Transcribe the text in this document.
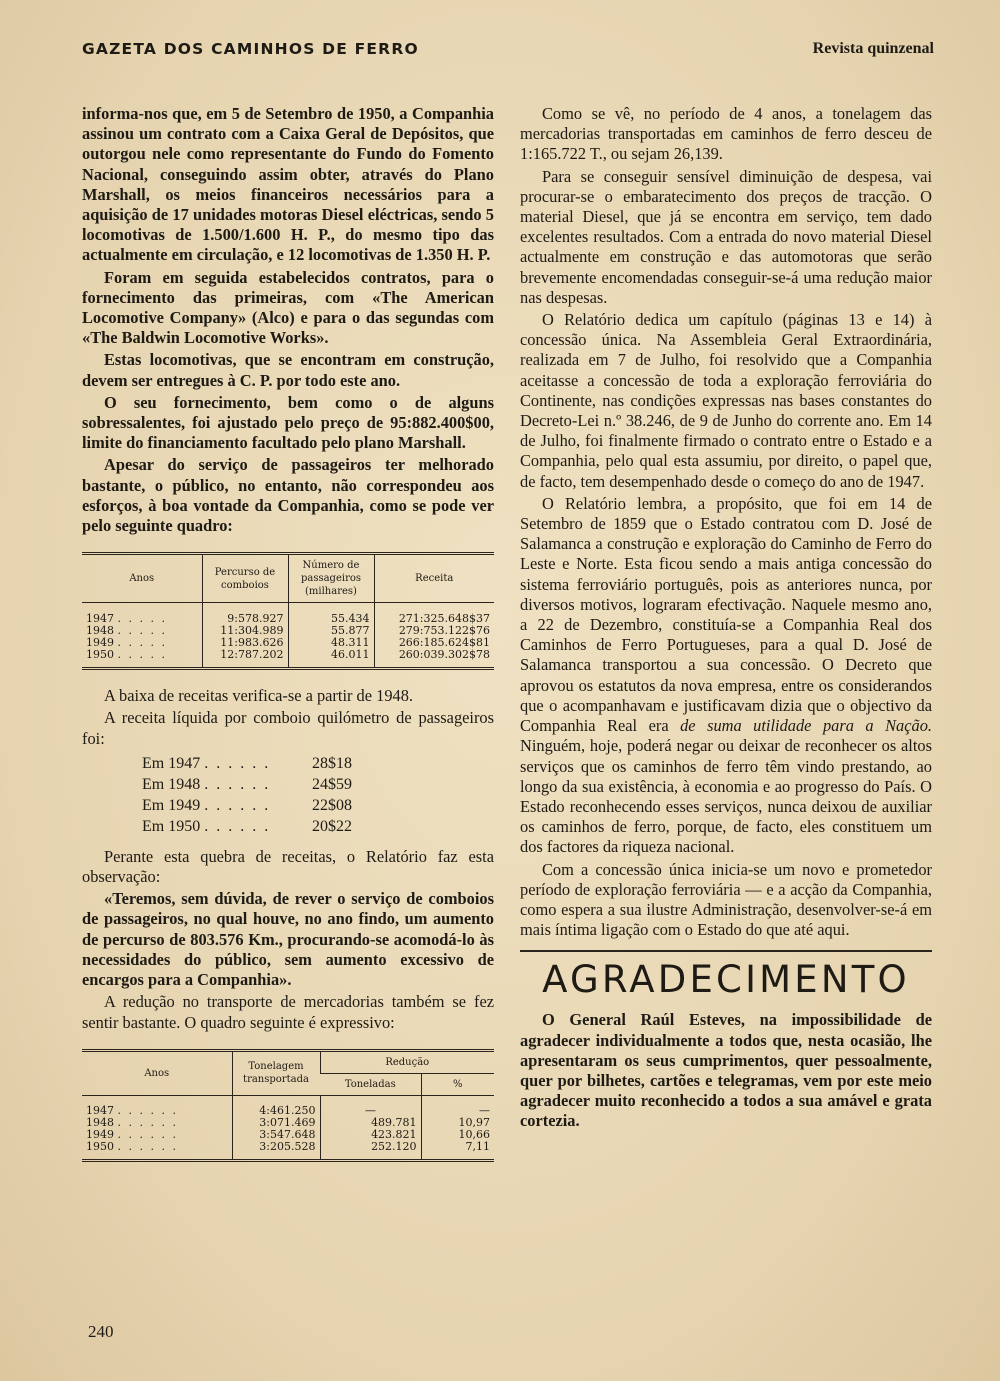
GAZETA DOS CAMINHOS DE FERRO	Revista quinzenal

informa-nos que, em 5 de Setembro de 1950, a Companhia assinou um contrato com a Caixa Geral de Depósitos, que outorgou nele como representante do Fundo do Fomento Nacional, conseguindo assim obter, através do Plano Marshall, os meios financeiros necessários para a aquisição de 17 unidades motoras Diesel eléctricas, sendo 5 locomotivas de 1.500/1.600 H. P., do mesmo tipo das actualmente em circulação, e 12 locomotivas de 1.350 H. P.

Foram em seguida estabelecidos contratos, para o fornecimento das primeiras, com «The American Locomotive Company» (Alco) e para o das segundas com «The Baldwin Locomotive Works».

Estas locomotivas, que se encontram em construção, devem ser entregues à C. P. por todo este ano.

O seu fornecimento, bem como o de alguns sobressalentes, foi ajustado pelo preço de 95:882.400$00, limite do financiamento facultado pelo plano Marshall.

Apesar do serviço de passageiros ter melhorado bastante, o público, no entanto, não correspondeu aos esforços, à boa vontade da Companhia, como se pode ver pelo seguinte quadro:

Anos	Percurso de comboios	Número de passageiros (milhares)	Receita

1947 . . . . .	9:578.927	55.434	271:325.648$37
1948 . . . . .	11:304.989	55.877	279:753.122$76
1949 . . . . .	11:983.626	48.311	266:185.624$81
1950 . . . . .	12:787.202	46.011	260:039.302$78

A baixa de receitas verifica-se a partir de 1948.

A receita líquida por comboio quilómetro de passageiros foi:

Em 1947 . . . . . .	28$18
Em 1948 . . . . . .	24$59
Em 1949 . . . . . .	22$08
Em 1950 . . . . . .	20$22

Perante esta quebra de receitas, o Relatório faz esta observação:

«Teremos, sem dúvida, de rever o serviço de comboios de passageiros, no qual houve, no ano findo, um aumento de percurso de 803.576 Km., procurando-se acomodá-lo às necessidades do público, sem aumento excessivo de encargos para a Companhia».

A redução no transporte de mercadorias também se fez sentir bastante. O quadro seguinte é expressivo:

Anos	Tonelagem transportada	Redução	
		Toneladas	%

1947 . . . . . .	4:461.250	—	—
1948 . . . . . .	3:071.469	489.781	10,97
1949 . . . . . .	3:547.648	423.821	10,66
1950 . . . . . .	3:205.528	252.120	7,11

Como se vê, no período de 4 anos, a tonelagem das mercadorias transportadas em caminhos de ferro desceu de 1:165.722 T., ou sejam 26,139.

Para se conseguir sensível diminuição de despesa, vai procurar-se o embaratecimento dos preços de tracção. O material Diesel, que já se encontra em serviço, tem dado excelentes resultados. Com a entrada do novo material Diesel actualmente em construção e das automotoras que serão brevemente encomendadas conseguir-se-á uma redução maior nas despesas.

O Relatório dedica um capítulo (páginas 13 e 14) à concessão única. Na Assembleia Geral Extraordinária, realizada em 7 de Julho, foi resolvido que a Companhia aceitasse a concessão de toda a exploração ferroviária do Continente, nas condições expressas nas bases constantes do Decreto-Lei n.º 38.246, de 9 de Junho do corrente ano. Em 14 de Julho, foi finalmente firmado o contrato entre o Estado e a Companhia, pelo qual esta assumiu, por direito, o papel que, de facto, tem desempenhado desde o começo do ano de 1947.

O Relatório lembra, a propósito, que foi em 14 de Setembro de 1859 que o Estado contratou com D. José de Salamanca a construção e exploração do Caminho de Ferro do Leste e Norte. Esta ficou sendo a mais antiga concessão do sistema ferroviário português, pois as anteriores nunca, por diversos motivos, lograram efectivação. Naquele mesmo ano, a 22 de Dezembro, constituía-se a Companhia Real dos Caminhos de Ferro Portugueses, para a qual D. José de Salamanca transportou a sua concessão. O Decreto que aprovou os estatutos da nova empresa, entre os considerandos que o acompanhavam e justificavam dizia que o objectivo da Companhia Real era de suma utilidade para a Nação. Ninguém, hoje, poderá negar ou deixar de reconhecer os altos serviços que os caminhos de ferro têm vindo prestando, ao longo da sua existência, à economia e ao progresso do País. O Estado reconhecendo esses serviços, nunca deixou de auxiliar os caminhos de ferro, porque, de facto, eles constituem um dos factores da riqueza nacional.

Com a concessão única inicia-se um novo e prometedor período de exploração ferroviária — e a acção da Companhia, como espera a sua ilustre Administração, desenvolver-se-á em mais íntima ligação com o Estado do que até aqui.

AGRADECIMENTO

O General Raúl Esteves, na impossibilidade de agradecer individualmente a todos que, nesta ocasião, lhe apresentaram os seus cumprimentos, quer pessoalmente, quer por bilhetes, cartões e telegramas, vem por este meio agradecer muito reconhecido a todos a sua amável e grata cortezia.

240
